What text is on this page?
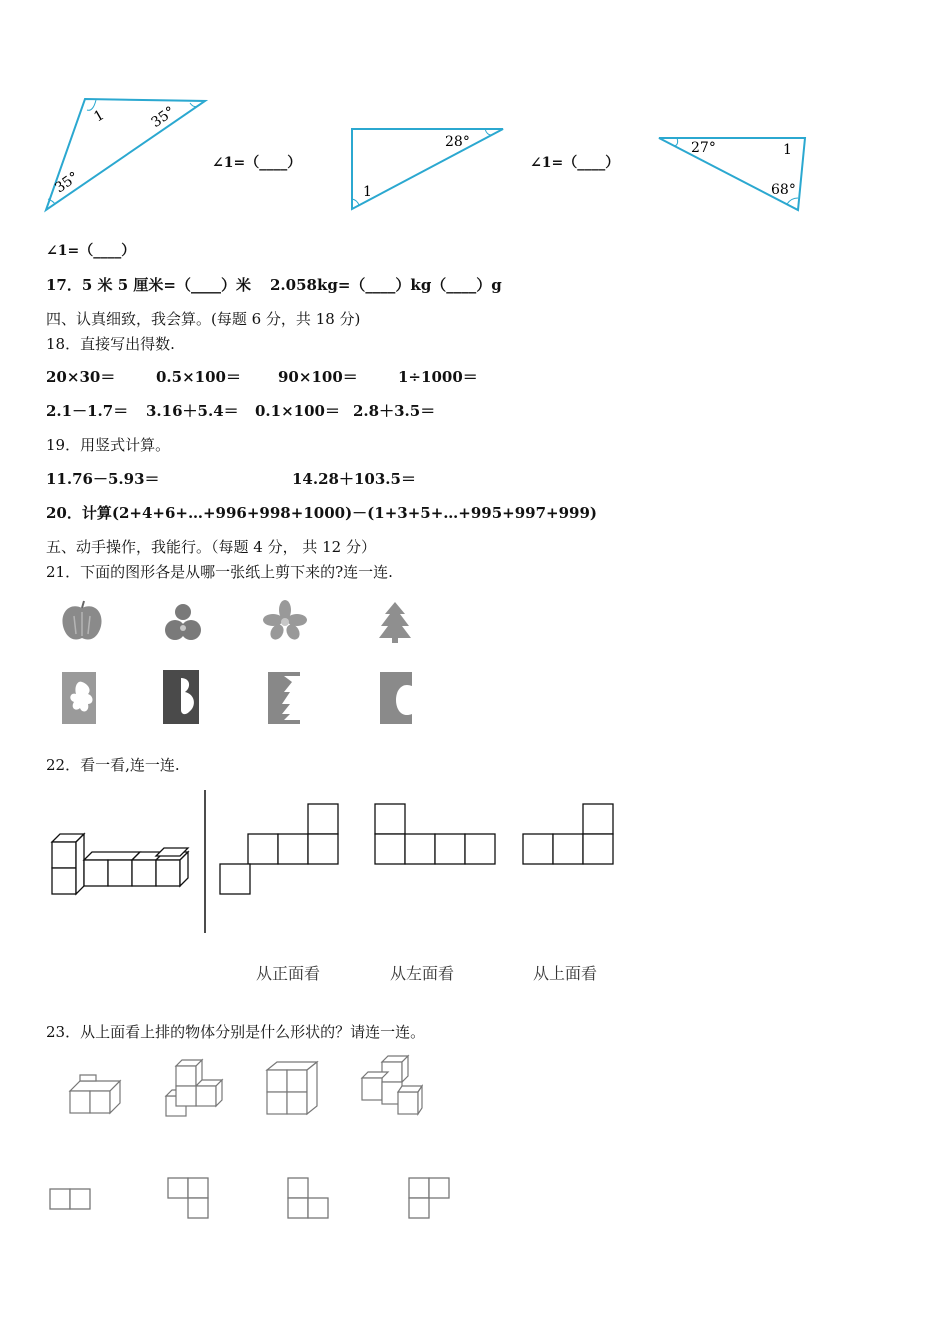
1	35°
35°
∠1=（____）
28°
1
∠1=（____）
27°	1
68°
∠1=（____）
17．5 米 5 厘米=（____）米 2.058kg=（____）kg（____）g
四、认真细致，我会算。(每题 6 分，共 18 分)
18．直接写出得数.
20×30＝	0.5×100＝ 90×100＝	1÷1000＝
2.1－1.7＝ 3.16＋5.4＝ 0.1×100＝ 2.8＋3.5＝
19．用竖式计算。
11.76－5.93＝	14.28＋103.5＝
20．计算(2+4+6+…+996+998+1000)－(1+3+5+…+995+997+999)
五、动手操作，我能行。（每题 4 分， 共 12 分）
21．下面的图形各是从哪一张纸上剪下来的?连一连.
22．看一看,连一连.
从正面看	从左面看	从上面看
23．从上面看上排的物体分别是什么形状的？请连一连。
